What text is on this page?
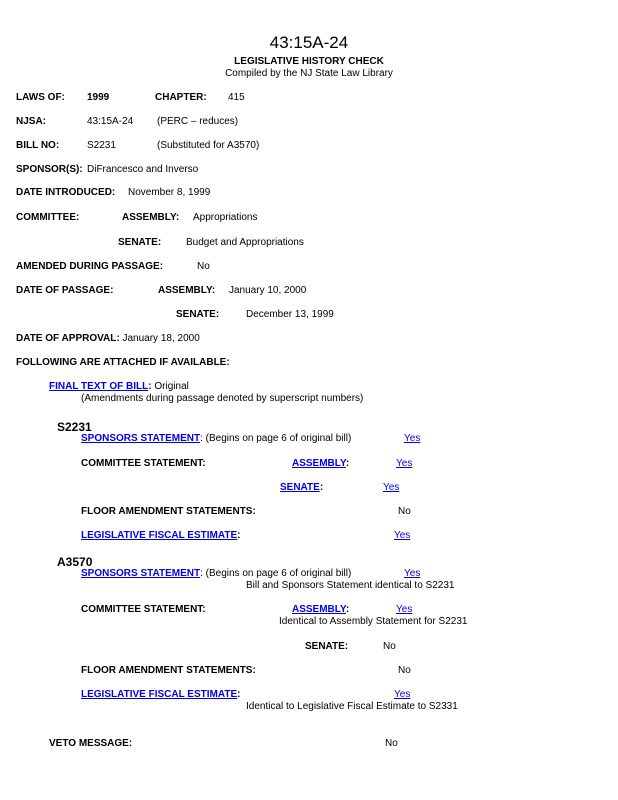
43:15A-24
LEGISLATIVE HISTORY CHECK
Compiled by the NJ State Law Library
LAWS OF: 1999	CHAPTER: 415
NJSA:	43:15A-24 (PERC – reduces)
BILL NO:	S2231	(Substituted for A3570)
SPONSOR(S): DiFrancesco and Inverso
DATE INTRODUCED: November 8, 1999
COMMITTEE:	ASSEMBLY: Appropriations
SENATE: Budget and Appropriations
AMENDED DURING PASSAGE:	No
DATE OF PASSAGE:	ASSEMBLY: January 10, 2000
SENATE:	December 13, 1999
DATE OF APPROVAL: January 18, 2000
FOLLOWING ARE ATTACHED IF AVAILABLE:
FINAL TEXT OF BILL: Original
(Amendments during passage denoted by superscript numbers)
S2231
SPONSORS STATEMENT: (Begins on page 6 of original bill)	Yes
COMMITTEE STATEMENT:	ASSEMBLY:	Yes
SENATE:	Yes
FLOOR AMENDMENT STATEMENTS:	No
LEGISLATIVE FISCAL ESTIMATE:	Yes
A3570
SPONSORS STATEMENT: (Begins on page 6 of original bill)	Yes
Bill and Sponsors Statement identical to S2231
COMMITTEE STATEMENT:	ASSEMBLY:	Yes
Identical to Assembly Statement for S2231
SENATE:	No
FLOOR AMENDMENT STATEMENTS:	No
LEGISLATIVE FISCAL ESTIMATE:	Yes
Identical to Legislative Fiscal Estimate to S2331
VETO MESSAGE:	No
